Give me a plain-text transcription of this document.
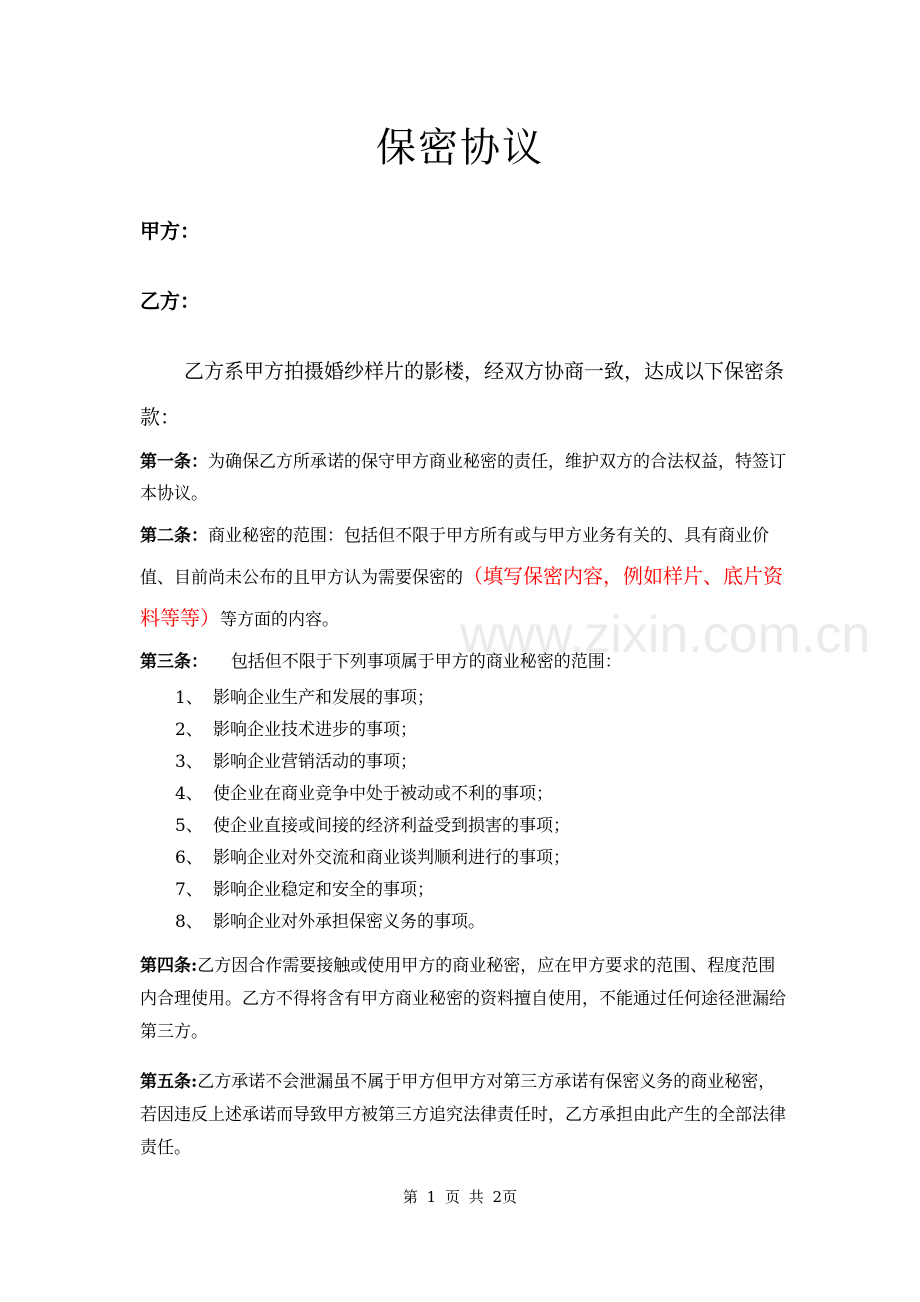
保密协议
甲方：
乙方：
乙方系甲方拍摄婚纱样片的影楼，经双方协商一致，达成以下保密条款：
第一条：为确保乙方所承诺的保守甲方商业秘密的责任，维护双方的合法权益，特签订本协议。
第二条：商业秘密的范围：包括但不限于甲方所有或与甲方业务有关的、具有商业价值、目前尚未公布的且甲方认为需要保密的（填写保密内容，例如样片、底片资料等等）等方面的内容。
第三条： 包括但不限于下列事项属于甲方的商业秘密的范围：
1、 影响企业生产和发展的事项；
2、 影响企业技术进步的事项；
3、 影响企业营销活动的事项；
4、 使企业在商业竞争中处于被动或不利的事项；
5、 使企业直接或间接的经济利益受到损害的事项；
6、 影响企业对外交流和商业谈判顺利进行的事项；
7、 影响企业稳定和安全的事项；
8、 影响企业对外承担保密义务的事项。
第四条:乙方因合作需要接触或使用甲方的商业秘密，应在甲方要求的范围、程度范围内合理使用。乙方不得将含有甲方商业秘密的资料擅自使用，不能通过任何途径泄漏给第三方。
第五条:乙方承诺不会泄漏虽不属于甲方但甲方对第三方承诺有保密义务的商业秘密，若因违反上述承诺而导致甲方被第三方追究法律责任时，乙方承担由此产生的全部法律责任。
www.zixin.com.cn
第 1 页 共 2页
